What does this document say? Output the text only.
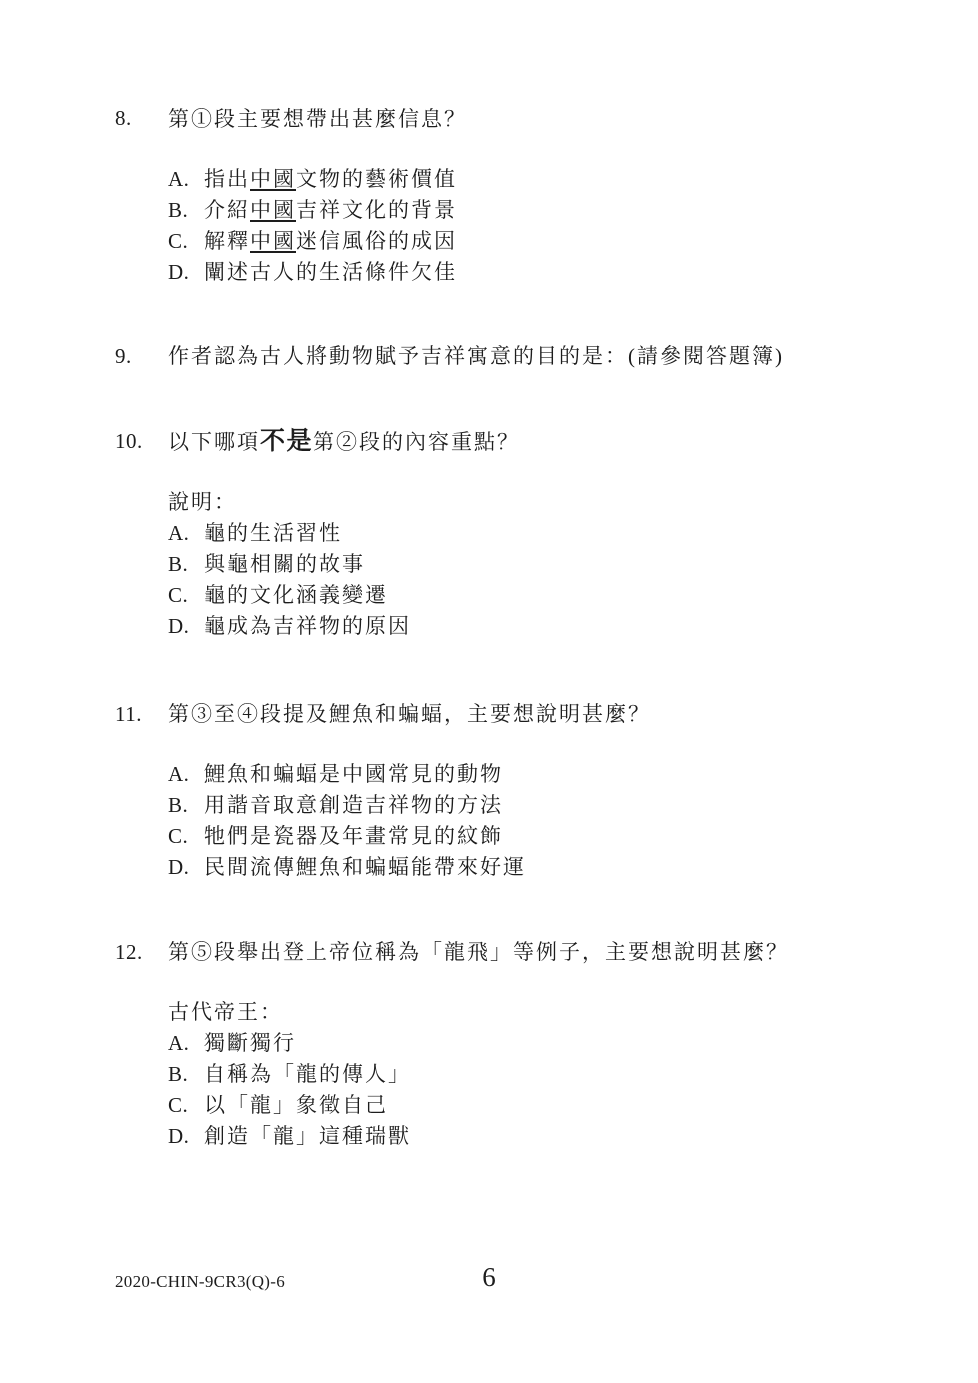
8.	第①段主要想帶出甚麼信息？
A. 指出中國文物的藝術價值
B. 介紹中國吉祥文化的背景
C. 解釋中國迷信風俗的成因
D. 闡述古人的生活條件欠佳
9.	作者認為古人將動物賦予吉祥寓意的目的是：(請參閱答題簿)
10.	以下哪項不是第②段的內容重點？
說明：
A. 龜的生活習性
B. 與龜相關的故事
C. 龜的文化涵義變遷
D. 龜成為吉祥物的原因
11.	第③至④段提及鯉魚和蝙蝠，主要想說明甚麼？
A. 鯉魚和蝙蝠是中國常見的動物
B. 用諧音取意創造吉祥物的方法
C. 牠們是瓷器及年畫常見的紋飾
D. 民間流傳鯉魚和蝙蝠能帶來好運
12.	第⑤段舉出登上帝位稱為「龍飛」等例子，主要想說明甚麼？
古代帝王：
A. 獨斷獨行
B. 自稱為「龍的傳人」
C. 以「龍」象徵自己
D. 創造「龍」這種瑞獸
6
2020-CHIN-9CR3(Q)-6
